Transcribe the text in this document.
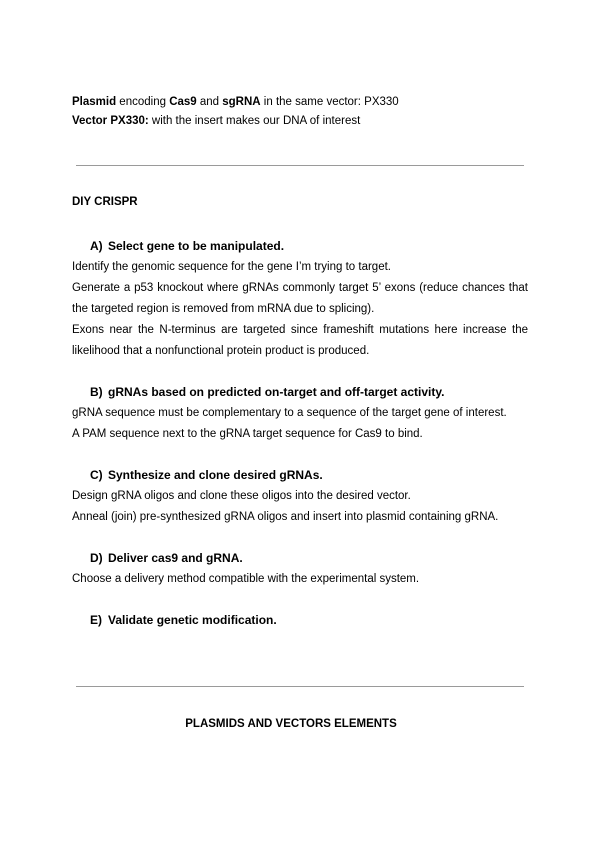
Plasmid encoding Cas9 and sgRNA in the same vector: PX330
Vector PX330: with the insert makes our DNA of interest
DIY CRISPR
A) Select gene to be manipulated.

Identify the genomic sequence for the gene I’m trying to target.

Generate a p53 knockout where gRNAs commonly target 5’ exons (reduce chances that the targeted region is removed from mRNA due to splicing).

Exons near the N-terminus are targeted since frameshift mutations here increase the likelihood that a nonfunctional protein product is produced.

B) gRNAs based on predicted on-target and off-target activity.

gRNA sequence must be complementary to a sequence of the target gene of interest.

A PAM sequence next to the gRNA target sequence for Cas9 to bind.

C) Synthesize and clone desired gRNAs.

Design gRNA oligos and clone these oligos into the desired vector.

Anneal (join) pre-synthesized gRNA oligos and insert into plasmid containing gRNA.

D) Deliver cas9 and gRNA.

Choose a delivery method compatible with the experimental system.

E) Validate genetic modification.
PLASMIDS AND VECTORS ELEMENTS
